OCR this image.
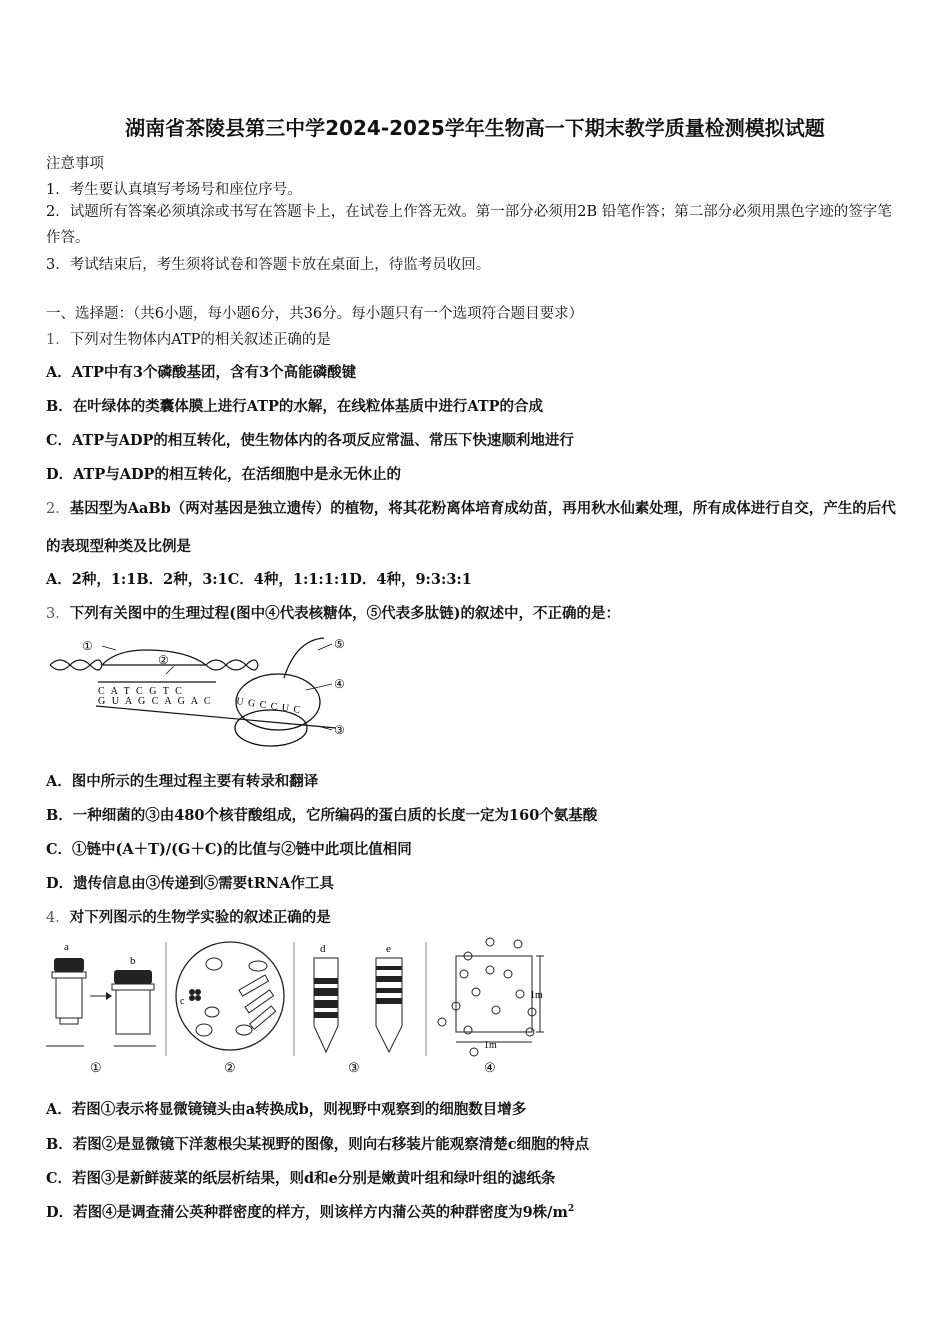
湖南省茶陵县第三中学2024-2025学年生物高一下期末教学质量检测模拟试题
注意事项
1．考生要认真填写考场号和座位序号。
2．试题所有答案必须填涂或书写在答题卡上，在试卷上作答无效。第一部分必须用2B 铅笔作答；第二部分必须用黑色字迹的签字笔作答。
3．考试结束后，考生须将试卷和答题卡放在桌面上，待监考员收回。
一、选择题：（共6小题，每小题6分，共36分。每小题只有一个选项符合题目要求）
1．下列对生物体内ATP的相关叙述正确的是
A．ATP中有3个磷酸基团，含有3个高能磷酸键
B．在叶绿体的类囊体膜上进行ATP的水解，在线粒体基质中进行ATP的合成
C．ATP与ADP的相互转化，使生物体内的各项反应常温、常压下快速顺利地进行
D．ATP与ADP的相互转化，在活细胞中是永无休止的
2．基因型为AaBb（两对基因是独立遗传）的植物，将其花粉离体培育成幼苗，再用秋水仙素处理，所有成体进行自交，产生的后代的表现型种类及比例是
A．2种，1:1B．2种，3:1C．4种，1:1:1:1D．4种，9:3:3:1
3．下列有关图中的生理过程(图中④代表核糖体，⑤代表多肽链)的叙述中，不正确的是：
①
②
③
④
⑤
C A T C G T C
G U A G C A G A C U G C C U C
A．图中所示的生理过程主要有转录和翻译
B．一种细菌的③由480个核苷酸组成，它所编码的蛋白质的长度一定为160个氨基酸
C．①链中(A＋T)/(G＋C)的比值与②链中此项比值相同
D．遗传信息由③传递到⑤需要tRNA作工具
4．对下列图示的生物学实验的叙述正确的是
a
b
①
c
②
d	e
③
1m
1m
④
A．若图①表示将显微镜镜头由a转换成b，则视野中观察到的细胞数目增多
B．若图②是显微镜下洋葱根尖某视野的图像，则向右移装片能观察清楚c细胞的特点
C．若图③是新鲜菠菜的纸层析结果，则d和e分别是嫩黄叶组和绿叶组的滤纸条
D．若图④是调查蒲公英种群密度的样方，则该样方内蒲公英的种群密度为9株$/m^2$
